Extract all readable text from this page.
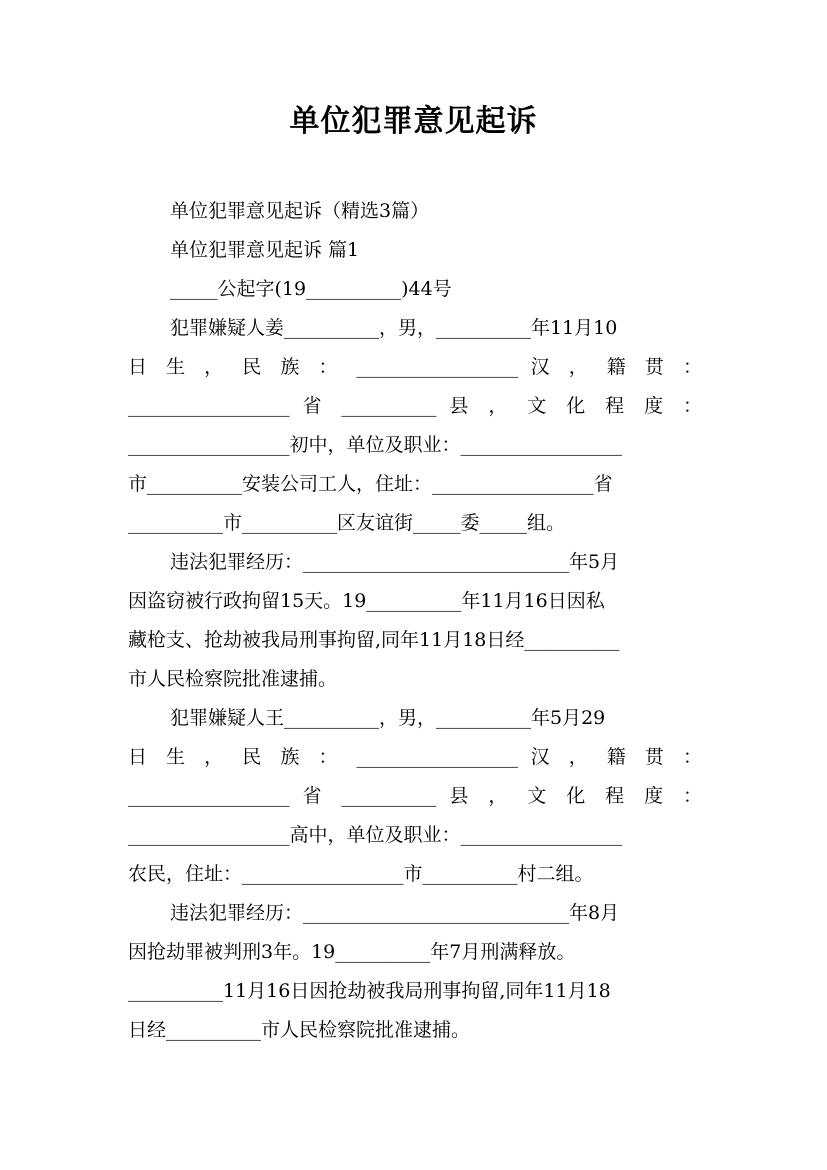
单位犯罪意见起诉
单位犯罪意见起诉（精选3篇）
单位犯罪意见起诉 篇1
_____公起字(19__________)44号
犯罪嫌疑人姜__________，男，__________年11月10
日 生 ， 民 族 ： _________________ 汉 ， 籍 贯 ：
_________________ 省 __________ 县 ， 文 化 程 度 ：
_________________初中，单位及职业：_________________
市__________安装公司工人，住址：_________________省
__________市__________区友谊街_____委_____组。
违法犯罪经历：____________________________年5月
因盗窃被行政拘留15天。19__________年11月16日因私
藏枪支、抢劫被我局刑事拘留,同年11月18日经__________
市人民检察院批准逮捕。
犯罪嫌疑人王__________，男，__________年5月29
日 生 ， 民 族 ： _________________ 汉 ， 籍 贯 ：
_________________ 省 __________ 县 ， 文 化 程 度 ：
_________________高中，单位及职业：_________________
农民，住址：_________________市__________村二组。
违法犯罪经历：____________________________年8月
因抢劫罪被判刑3年。19__________年7月刑满释放。
__________11月16日因抢劫被我局刑事拘留,同年11月18
日经__________市人民检察院批准逮捕。
